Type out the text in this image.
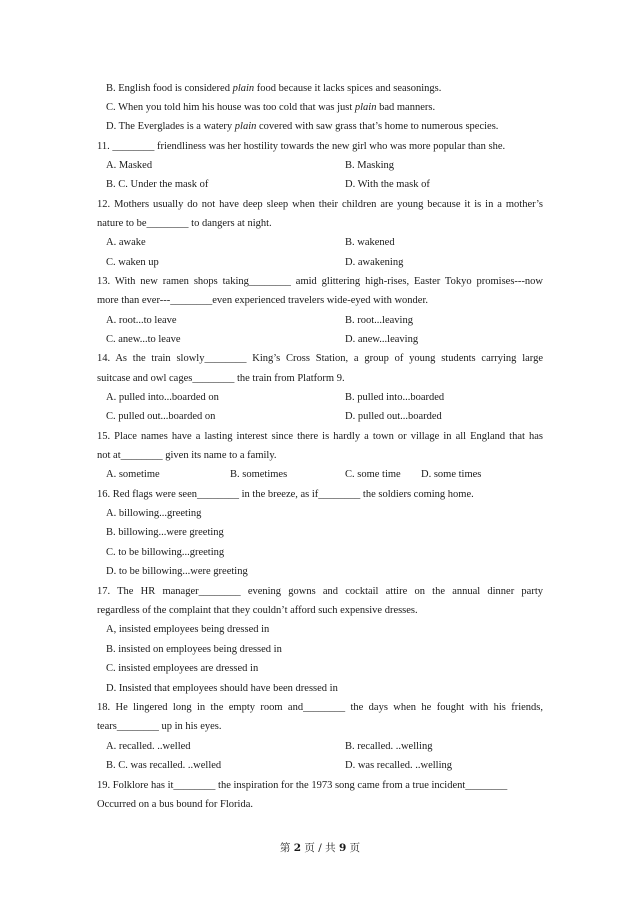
B. English food is considered plain food because it lacks spices and seasonings.
C. When you told him his house was too cold that was just plain bad manners.
D. The Everglades is a watery plain covered with saw grass that’s home to numerous species.
11. ________ friendliness was her hostility towards the new girl who was more popular than she.
A. Masked	B. Masking
B. C. Under the mask of	D. With the mask of
12. Mothers usually do not have deep sleep when their children are young because it is in a mother’s
nature to be________ to dangers at night.
A. awake	B. wakened
C. waken up	D. awakening
13. With new ramen shops taking________ amid glittering high-rises, Easter Tokyo promises---now
more than ever---________even experienced travelers wide-eyed with wonder.
A. root...to leave	B. root...leaving
C. anew...to leave	D. anew...leaving
14. As the train slowly________ King’s Cross Station, a group of young students carrying large
suitcase and owl cages________ the train from Platform 9.
A. pulled into...boarded on	B. pulled into...boarded
C. pulled out...boarded on	D. pulled out...boarded
15. Place names have a lasting interest since there is hardly a town or village in all England that has
not at________ given its name to a family.
A. sometime	B. sometimes	C. some time D. some times
16. Red flags were seen________ in the breeze, as if________ the soldiers coming home.
A. billowing...greeting
B. billowing...were greeting
C. to be billowing...greeting
D. to be billowing...were greeting
17. The HR manager________ evening gowns and cocktail attire on the annual dinner party
regardless of the complaint that they couldn’t afford such expensive dresses.
A, insisted employees being dressed in
B. insisted on employees being dressed in
C. insisted employees are dressed in
D. Insisted that employees should have been dressed in
18. He lingered long in the empty room and________ the days when he fought with his friends,
tears________ up in his eyes.
A. recalled. ..welled	B. recalled. ..welling
B. C. was recalled. ..welled	D. was recalled. ..welling
19. Folklore has it________ the inspiration for the 1973 song came from a true incident________
Occurred on a bus bound for Florida.
第 2 页 / 共 9 页
